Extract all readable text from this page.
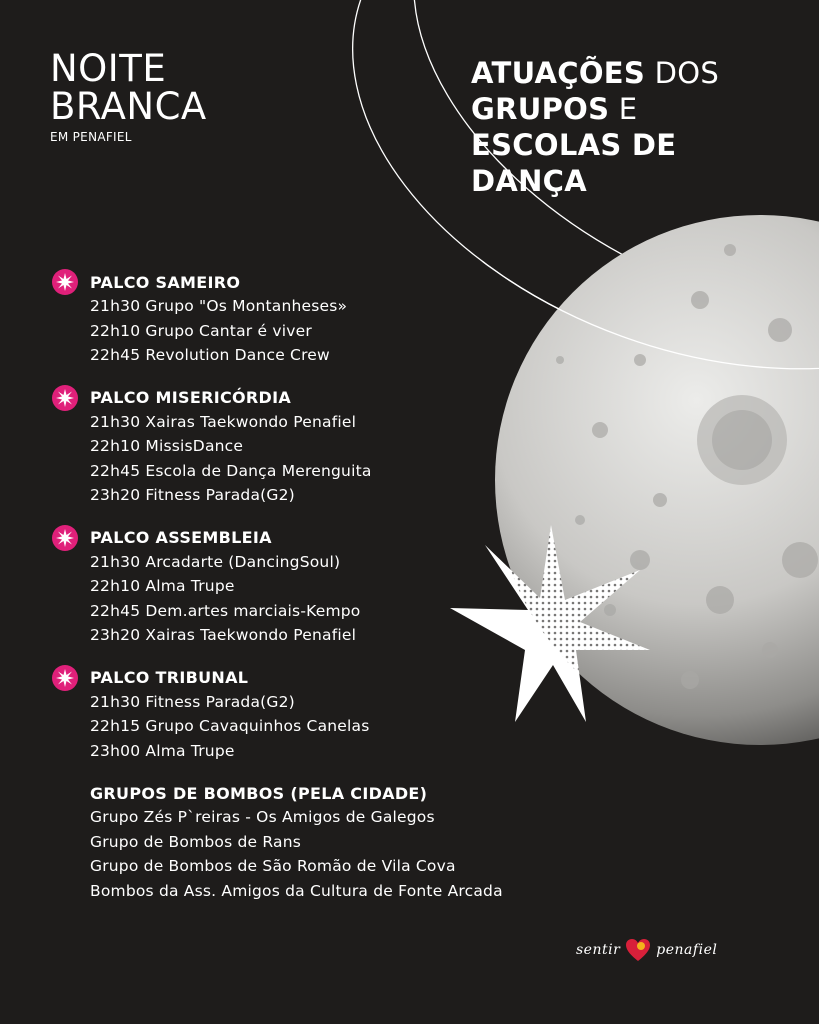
NOITE
BRANCA
EM PENAFIEL
ATUAÇÕES DOS
GRUPOS E
ESCOLAS DE
DANÇA
PALCO SAMEIRO
21h30 Grupo "Os Montanheses»
22h10 Grupo Cantar é viver
22h45 Revolution Dance Crew
PALCO MISERICÓRDIA
21h30 Xairas Taekwondo Penafiel
22h10 MissisDance
22h45 Escola de Dança Merenguita
23h20 Fitness Parada(G2)
PALCO ASSEMBLEIA
21h30 Arcadarte (DancingSoul)
22h10 Alma Trupe
22h45 Dem.artes marciais-Kempo
23h20 Xairas Taekwondo Penafiel
PALCO TRIBUNAL
21h30 Fitness Parada(G2)
22h15 Grupo Cavaquinhos Canelas
23h00 Alma Trupe
GRUPOS DE BOMBOS (PELA CIDADE)
Grupo Zés P`reiras - Os Amigos de Galegos
Grupo de Bombos de Rans
Grupo de Bombos de São Romão de Vila Cova
Bombos da Ass. Amigos da Cultura de Fonte Arcada
sentir	penafiel
